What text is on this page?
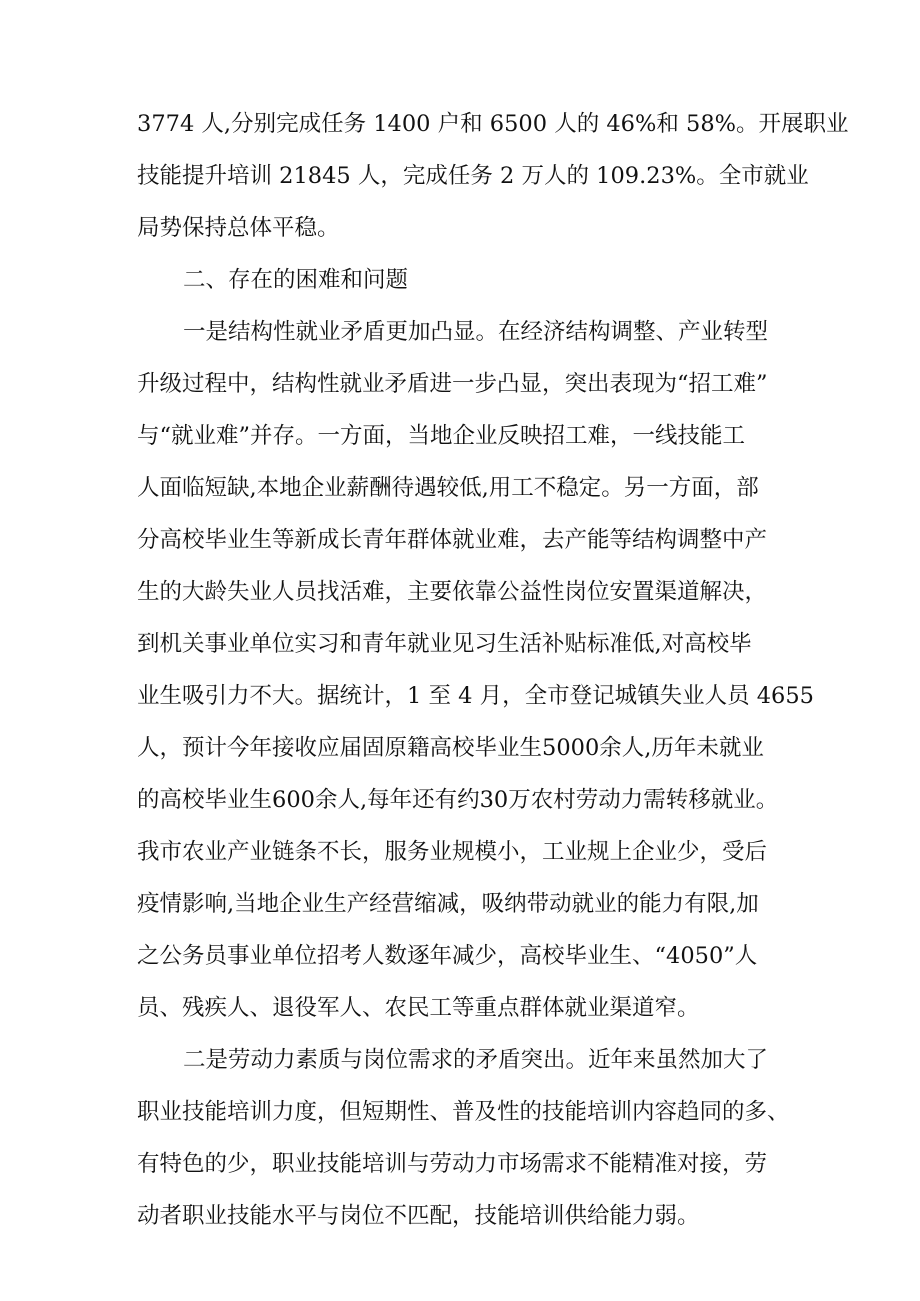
3774 人,分别完成任务 1400 户和 6500 人的 46%和 58%。开展职业
技能提升培训 21845 人，完成任务 2 万人的 109.23%。全市就业
局势保持总体平稳。
二、存在的困难和问题
一是结构性就业矛盾更加凸显。在经济结构调整、产业转型
升级过程中，结构性就业矛盾进一步凸显，突出表现为“招工难”
与“就业难”并存。一方面，当地企业反映招工难，一线技能工
人面临短缺,本地企业薪酬待遇较低,用工不稳定。另一方面，部
分高校毕业生等新成长青年群体就业难，去产能等结构调整中产
生的大龄失业人员找活难，主要依靠公益性岗位安置渠道解决，
到机关事业单位实习和青年就业见习生活补贴标准低,对高校毕
业生吸引力不大。据统计，1 至 4 月，全市登记城镇失业人员 4655
人，预计今年接收应届固原籍高校毕业生5000余人,历年未就业
的高校毕业生600余人,每年还有约30万农村劳动力需转移就业。
我市农业产业链条不长，服务业规模小，工业规上企业少，受后
疫情影响,当地企业生产经营缩减，吸纳带动就业的能力有限,加
之公务员事业单位招考人数逐年减少，高校毕业生、“4050”人
员、残疾人、退役军人、农民工等重点群体就业渠道窄。
二是劳动力素质与岗位需求的矛盾突出。近年来虽然加大了
职业技能培训力度，但短期性、普及性的技能培训内容趋同的多、
有特色的少，职业技能培训与劳动力市场需求不能精准对接，劳
动者职业技能水平与岗位不匹配，技能培训供给能力弱。
